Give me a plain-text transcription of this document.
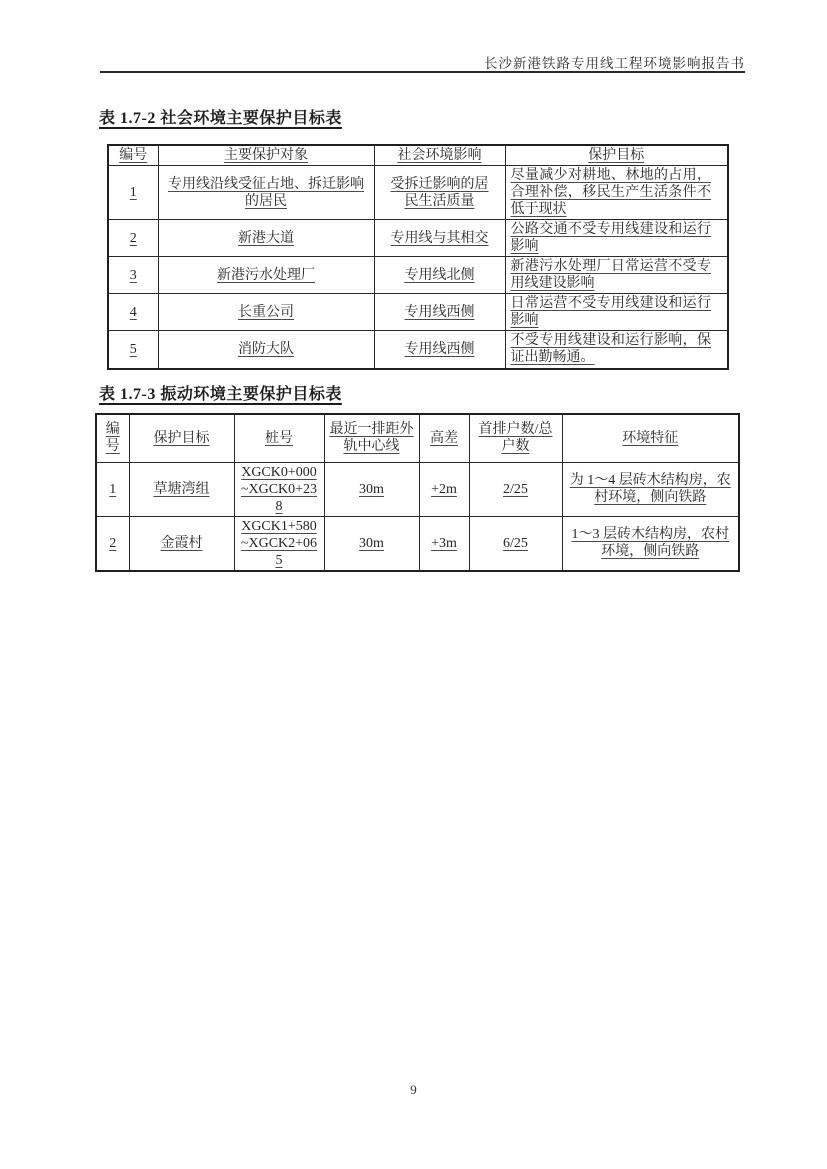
长沙新港铁路专用线工程环境影响报告书
表 1.7-2 社会环境主要保护目标表
编号	主要保护对象	社会环境影响	保护目标
1	专用线沿线受征占地、拆迁影响的居民	受拆迁影响的居民生活质量	尽量减少对耕地、林地的占用，合理补偿，移民生产生活条件不低于现状
2	新港大道	专用线与其相交	公路交通不受专用线建设和运行影响
3	新港污水处理厂	专用线北侧	新港污水处理厂日常运营不受专用线建设影响
4	长重公司	专用线西侧	日常运营不受专用线建设和运行影响
5	消防大队	专用线西侧	不受专用线建设和运行影响，保证出勤畅通。
表 1.7-3 振动环境主要保护目标表
编号	保护目标	桩号	最近一排距外轨中心线	高差	首排户数/总户数	环境特征
1	草塘湾组	XGCK0+000~XGCK0+238	30m	+2m	2/25	为 1～4 层砖木结构房，农村环境，侧向铁路
2	金霞村	XGCK1+580~XGCK2+065	30m	+3m	6/25	1～3 层砖木结构房，农村环境，侧向铁路
9
